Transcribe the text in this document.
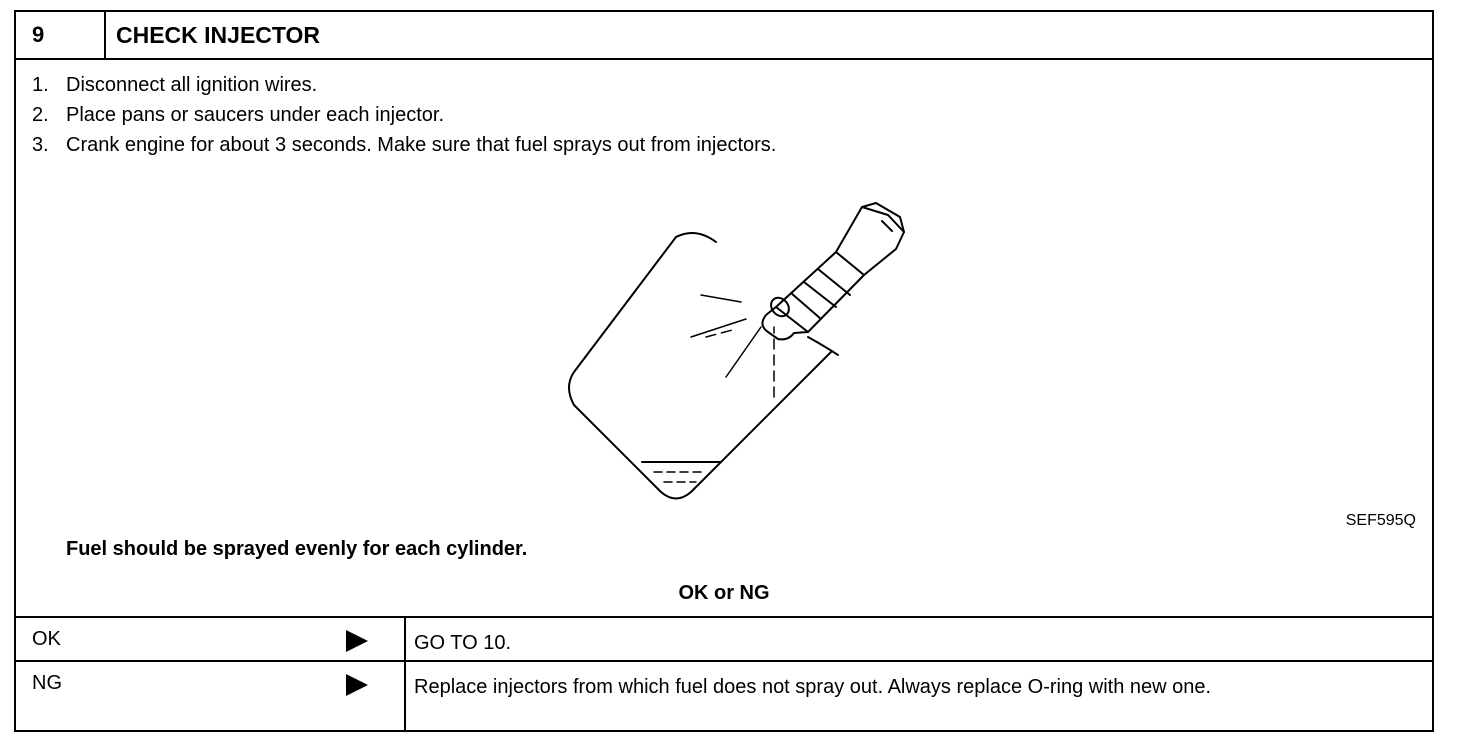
9	CHECK INJECTOR
1. Disconnect all ignition wires.
2. Place pans or saucers under each injector.
3. Crank engine for about 3 seconds. Make sure that fuel sprays out from injectors.
SEF595Q
Fuel should be sprayed evenly for each cylinder.
OK or NG
OK	GO TO 10.
NG	Replace injectors from which fuel does not spray out. Always replace O-ring with new one.
